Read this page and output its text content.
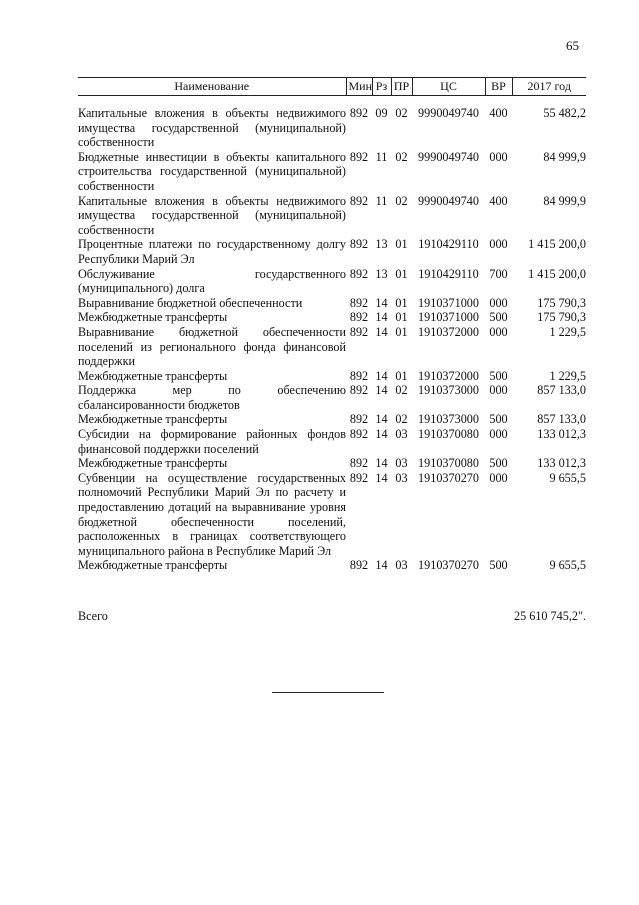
65
Наименование	Мин	Рз	ПР	ЦС	ВР	2017 год

Капитальные вложения в объекты недвижимого имущества государственной (муниципальной) собственности	892	09	02	9990049740	400	55 482,2
Бюджетные инвестиции в объекты капитального строительства государственной (муниципальной) собственности	892	11	02	9990049740	000	84 999,9
Капитальные вложения в объекты недвижимого имущества государственной (муниципальной) собственности	892	11	02	9990049740	400	84 999,9
Процентные платежи по государственному долгу Республики Марий Эл	892	13	01	1910429110	000	1 415 200,0
Обслуживание государственного (муниципального) долга	892	13	01	1910429110	700	1 415 200,0
Выравнивание бюджетной обеспеченности	892	14	01	1910371000	000	175 790,3
Межбюджетные трансферты	892	14	01	1910371000	500	175 790,3
Выравнивание бюджетной обеспеченности поселений из регионального фонда финансовой поддержки	892	14	01	1910372000	000	1 229,5
Межбюджетные трансферты	892	14	01	1910372000	500	1 229,5
Поддержка мер по обеспечению сбалансированности бюджетов	892	14	02	1910373000	000	857 133,0
Межбюджетные трансферты	892	14	02	1910373000	500	857 133,0
Субсидии на формирование районных фондов финансовой поддержки поселений	892	14	03	1910370080	000	133 012,3
Межбюджетные трансферты	892	14	03	1910370080	500	133 012,3
Субвенции на осуществление государственных полномочий Республики Марий Эл по расчету и предоставлению дотаций на выравнивание уровня бюджетной обеспеченности поселений, расположенных в границах соответствующего муниципального района в Республике Марий Эл	892	14	03	1910370270	000	9 655,5
Межбюджетные трансферты	892	14	03	1910370270	500	9 655,5
Всего	25 610 745,2".
